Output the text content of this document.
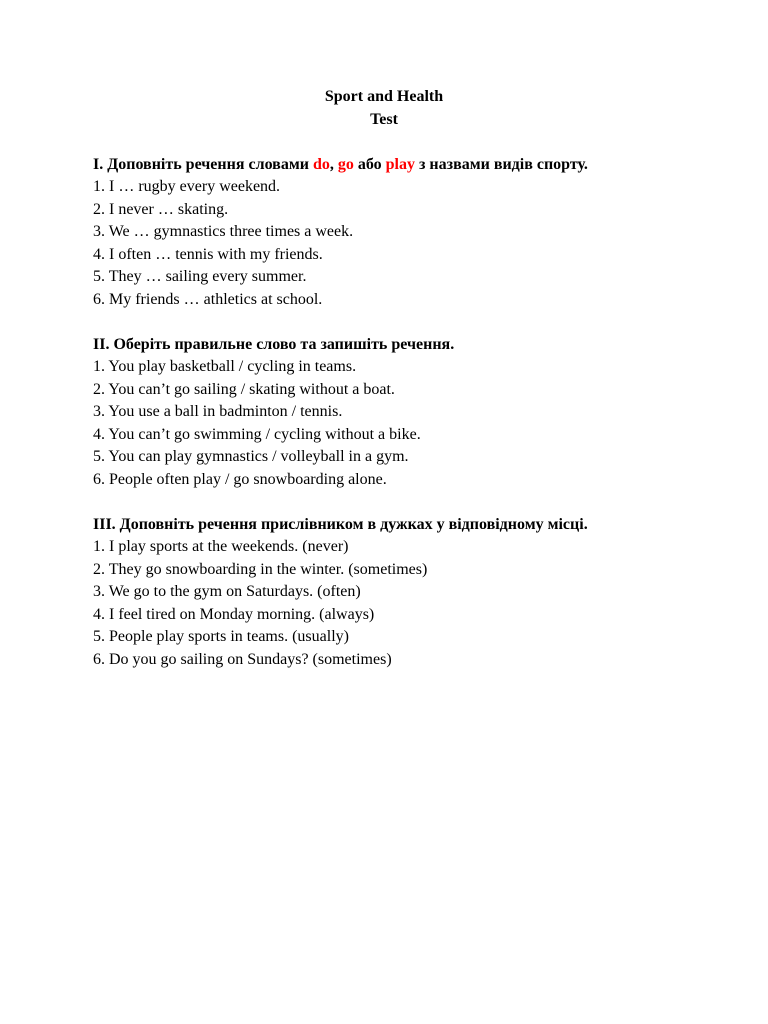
Sport and Health
Test
I. Доповніть речення словами do, go або play з назвами видів спорту.
1. I … rugby every weekend.
2. I never … skating.
3. We … gymnastics three times a week.
4. I often … tennis with my friends.
5. They … sailing every summer.
6. My friends … athletics at school.
II. Оберіть правильне слово та запишіть речення.
1. You play basketball / cycling in teams.
2. You can’t go sailing / skating without a boat.
3. You use a ball in badminton / tennis.
4. You can’t go swimming / cycling without a bike.
5. You can play gymnastics / volleyball in a gym.
6. People often play / go snowboarding alone.
III. Доповніть речення прислівником в дужках у відповідному місці.
1. I play sports at the weekends. (never)
2. They go snowboarding in the winter. (sometimes)
3. We go to the gym on Saturdays. (often)
4. I feel tired on Monday morning. (always)
5. People play sports in teams. (usually)
6. Do you go sailing on Sundays? (sometimes)
